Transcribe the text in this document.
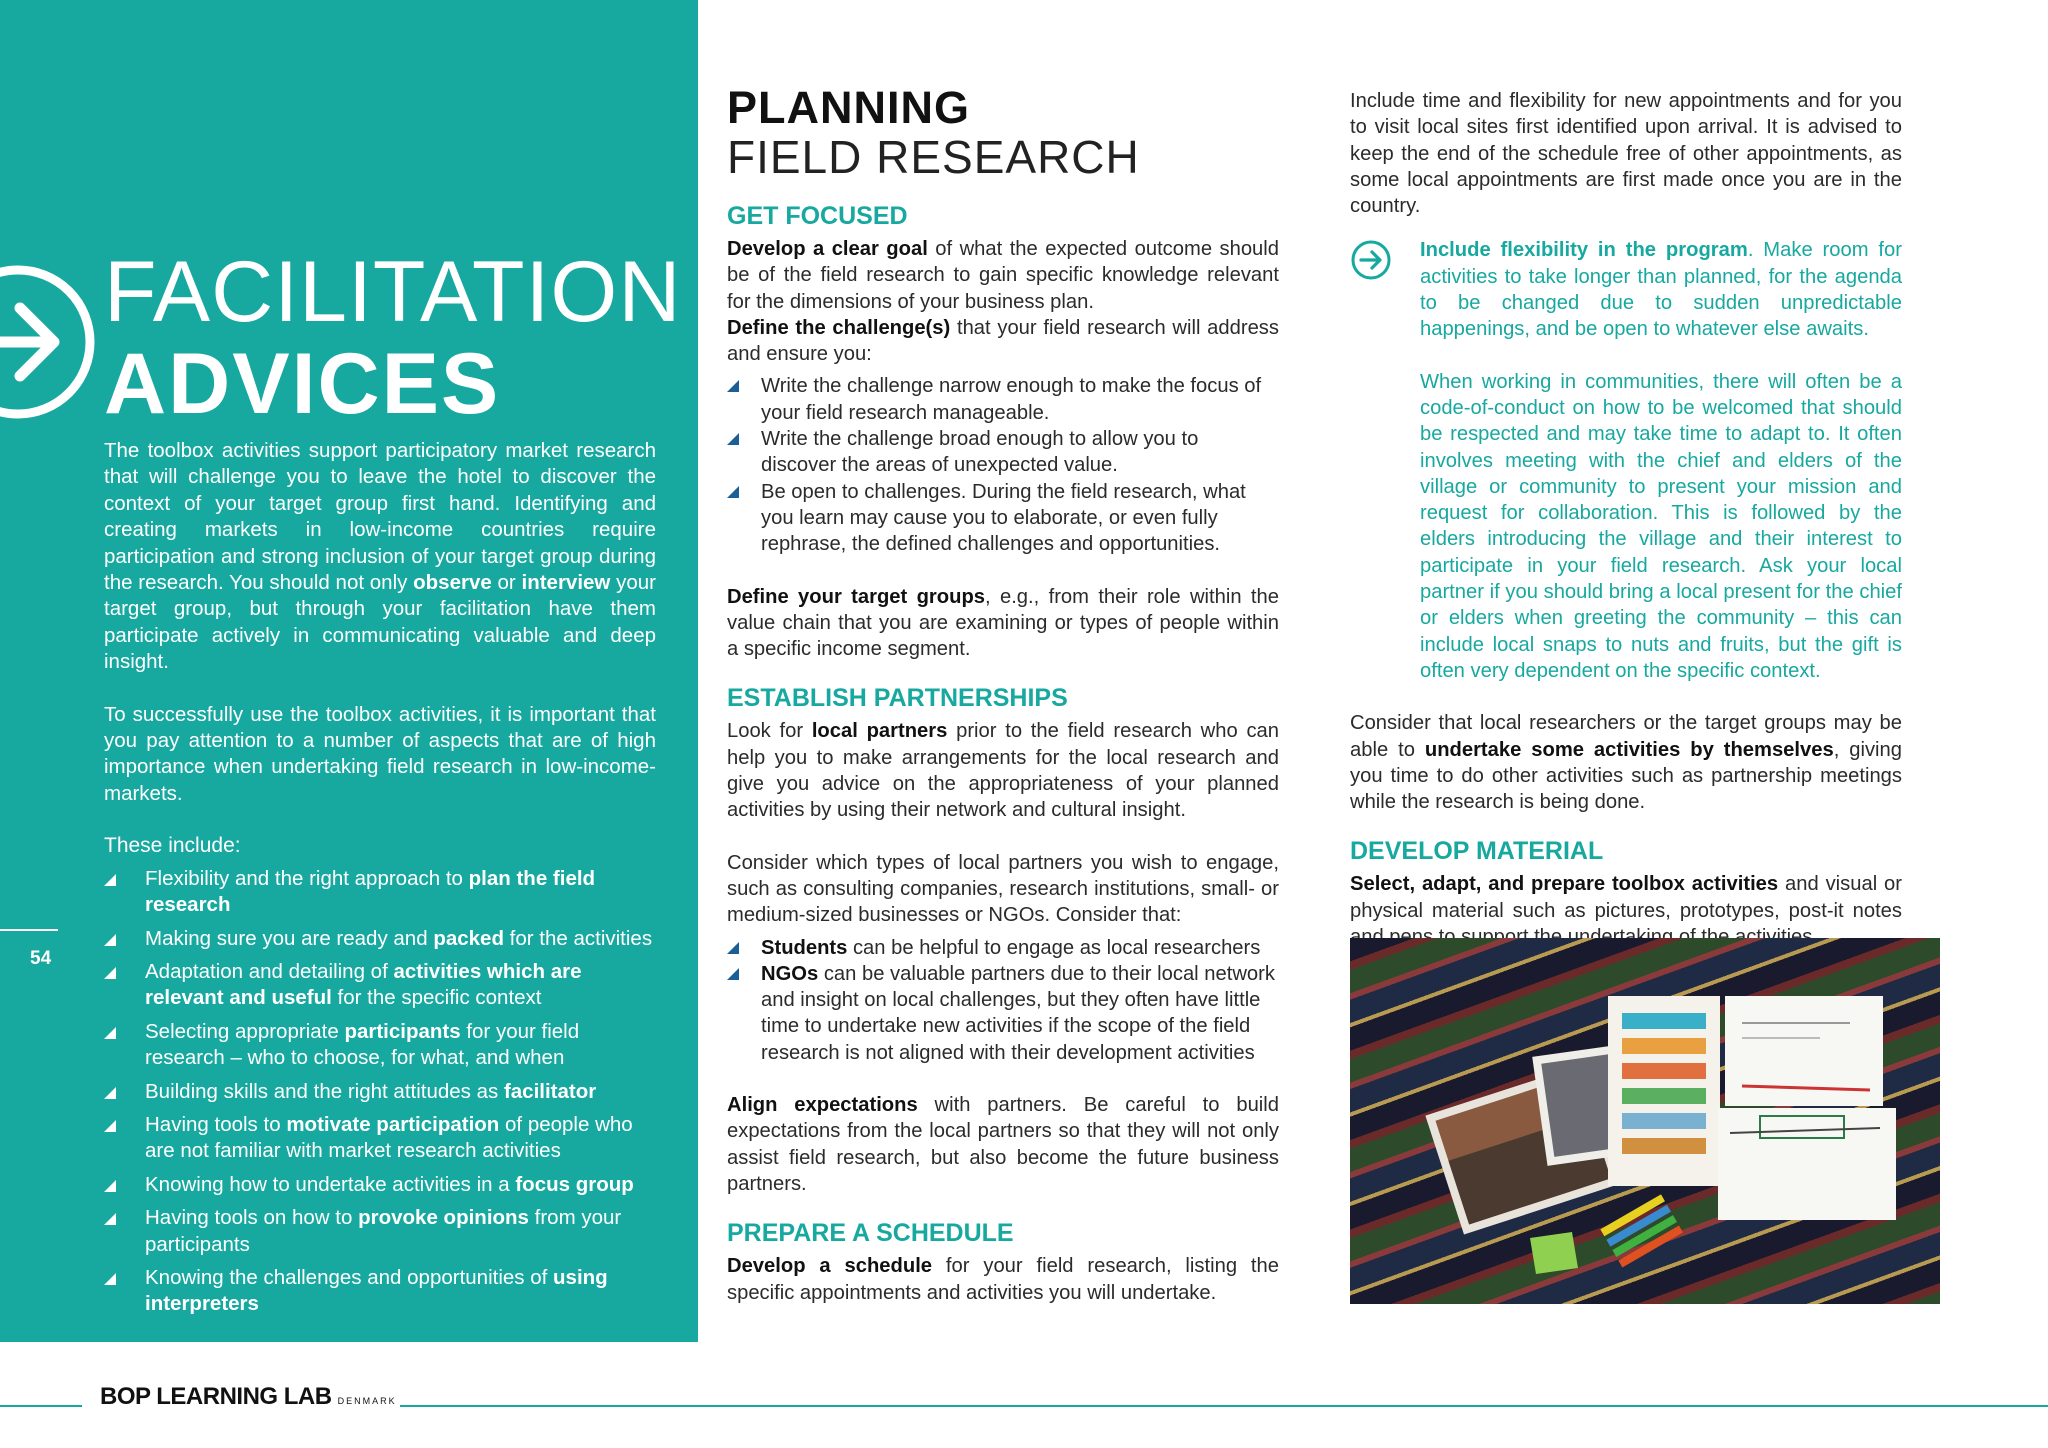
FACILITATION
ADVICES

The toolbox activities support participatory market research that will challenge you to leave the hotel to discover the context of your target group first hand. Identifying and creating markets in low-income countries require participation and strong inclusion of your target group during the research. You should not only observe or interview your target group, but through your facilitation have them participate actively in communicating valuable and deep insight.

To successfully use the toolbox activities, it is important that you pay attention to a number of aspects that are of high importance when undertaking field research in low-income-markets.

These include:
Flexibility and the right approach to plan the field research
Making sure you are ready and packed for the activities
Adaptation and detailing of activities which are relevant and useful for the specific context
Selecting appropriate participants for your field research – who to choose, for what, and when
Building skills and the right attitudes as facilitator
Having tools to motivate participation of people who are not familiar with market research activities
Knowing how to undertake activities in a focus group
Having tools on how to provoke opinions from your participants
Knowing the challenges and opportunities of using interpreters
54
PLANNING
FIELD RESEARCH
GET FOCUSED

Develop a clear goal of what the expected outcome should be of the field research to gain specific knowledge relevant for the dimensions of your business plan.

Define the challenge(s) that your field research will address and ensure you:

Write the challenge narrow enough to make the focus of your field research manageable.
Write the challenge broad enough to allow you to discover the areas of unexpected value.
Be open to challenges. During the field research, what you learn may cause you to elaborate, or even fully rephrase, the defined challenges and opportunities.

Define your target groups, e.g., from their role within the value chain that you are examining or types of people within a specific income segment.

ESTABLISH PARTNERSHIPS

Look for local partners prior to the field research who can help you to make arrangements for the local research and give you advice on the appropriateness of your planned activities by using their network and cultural insight.

Consider which types of local partners you wish to engage, such as consulting companies, research institutions, small- or medium-sized businesses or NGOs. Consider that:

Students can be helpful to engage as local researchers
NGOs can be valuable partners due to their local network and insight on local challenges, but they often have little time to undertake new activities if the scope of the field research is not aligned with their development activities

Align expectations with partners. Be careful to build expectations from the local partners so that they will not only assist field research, but also become the future business partners.

PREPARE A SCHEDULE

Develop a schedule for your field research, listing the specific appointments and activities you will undertake.

Include time and flexibility for new appointments and for you to visit local sites first identified upon arrival. It is advised to keep the end of the schedule free of other appointments, as some local appointments are first made once you are in the country.

Include flexibility in the program. Make room for activities to take longer than planned, for the agenda to be changed due to sudden unpredictable happenings, and be open to whatever else awaits.

When working in communities, there will often be a code-of-conduct on how to be welcomed that should be respected and may take time to adapt to. It often involves meeting with the chief and elders of the village or community to present your mission and request for collaboration. This is followed by the elders introducing the village and their interest to participate in your field research. Ask your local partner if you should bring a local present for the chief or elders when greeting the community – this can include local snaps to nuts and fruits, but the gift is often very dependent on the specific context.

Consider that local researchers or the target groups may be able to undertake some activities by themselves, giving you time to do other activities such as partnership meetings while the research is being done.

DEVELOP MATERIAL

Select, adapt, and prepare toolbox activities and visual or physical material such as pictures, prototypes, post-it notes

BOP LEARNING LAB DENMARK
